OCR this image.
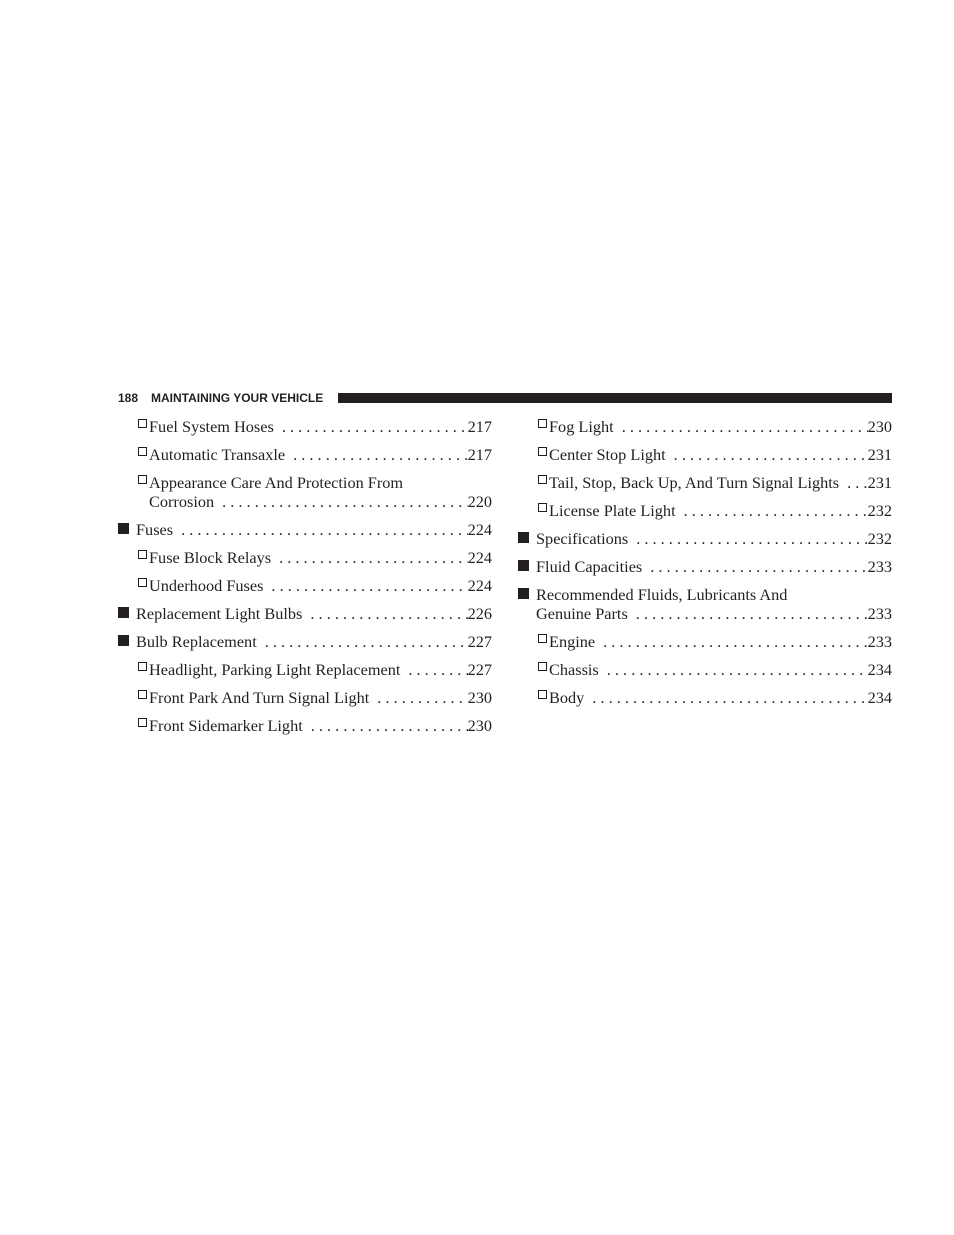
188 MAINTAINING YOUR VEHICLE
Fuel System Hoses . . .	217
Automatic Transaxle . . .	217
Appearance Care And Protection From
Corrosion . . .	220
Fuses . . .	224
Fuse Block Relays . . .	224
Underhood Fuses . . .	224
Replacement Light Bulbs . . .	226
Bulb Replacement . . .	227
Headlight, Parking Light Replacement . . .	227
Front Park And Turn Signal Light . . .	230
Front Sidemarker Light . . .	230
Fog Light . . .	230
Center Stop Light . . .	231
Tail, Stop, Back Up, And Turn Signal Lights . . . 231
License Plate Light . . .	232
Specifications . . .	232
Fluid Capacities . . .	233
Recommended Fluids, Lubricants And
Genuine Parts . . .	233
Engine . . .	233
Chassis . . .	234
Body . . .	234
